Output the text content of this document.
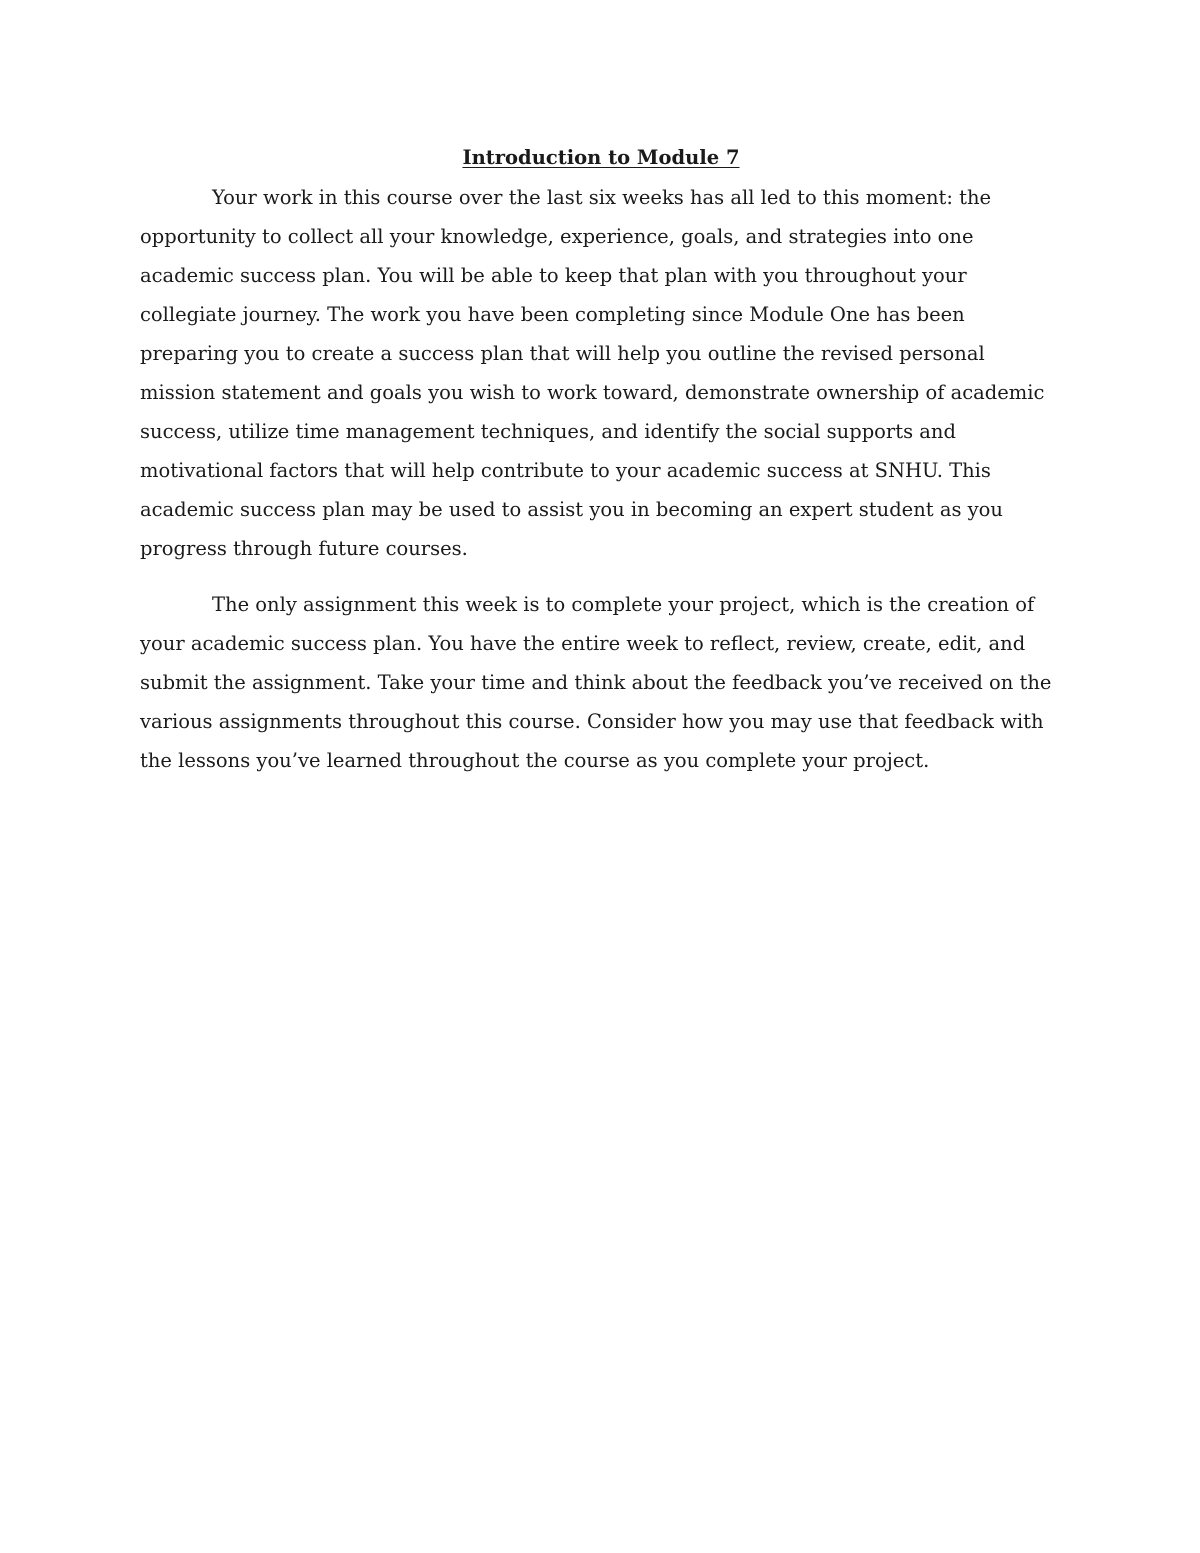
Introduction to Module 7

Your work in this course over the last six weeks has all led to this moment: the opportunity to collect all your knowledge, experience, goals, and strategies into one academic success plan. You will be able to keep that plan with you throughout your collegiate journey. The work you have been completing since Module One has been preparing you to create a success plan that will help you outline the revised personal mission statement and goals you wish to work toward, demonstrate ownership of academic success, utilize time management techniques, and identify the social supports and motivational factors that will help contribute to your academic success at SNHU. This academic success plan may be used to assist you in becoming an expert student as you progress through future courses.

The only assignment this week is to complete your project, which is the creation of your academic success plan. You have the entire week to reflect, review, create, edit, and submit the assignment. Take your time and think about the feedback you’ve received on the various assignments throughout this course. Consider how you may use that feedback with the lessons you’ve learned throughout the course as you complete your project.
